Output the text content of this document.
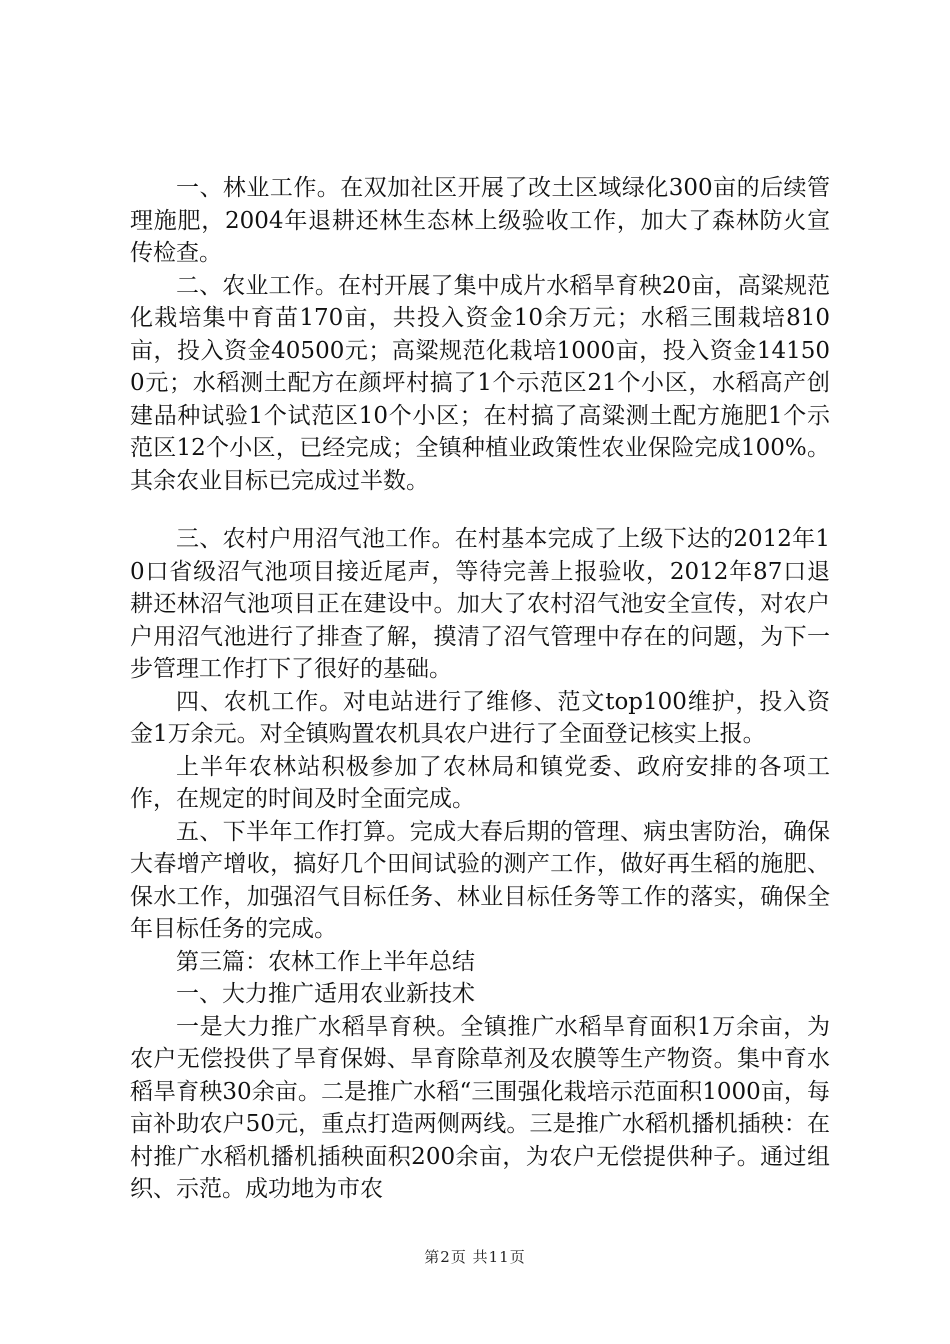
一、林业工作。在双加社区开展了改土区域绿化300亩的后续管理施肥，2004年退耕还林生态林上级验收工作，加大了森林防火宣传检查。

二、农业工作。在村开展了集中成片水稻旱育秧20亩，高粱规范化栽培集中育苗170亩，共投入资金10余万元；水稻三围栽培810亩，投入资金40500元；高粱规范化栽培1000亩，投入资金141500元；水稻测土配方在颜坪村搞了1个示范区21个小区，水稻高产创建品种试验1个试范区10个小区；在村搞了高粱测土配方施肥1个示范区12个小区，已经完成；全镇种植业政策性农业保险完成100%。其余农业目标已完成过半数。

三、农村户用沼气池工作。在村基本完成了上级下达的2012年10口省级沼气池项目接近尾声，等待完善上报验收，2012年87口退耕还林沼气池项目正在建设中。加大了农村沼气池安全宣传，对农户户用沼气池进行了排查了解，摸清了沼气管理中存在的问题，为下一步管理工作打下了很好的基础。

四、农机工作。对电站进行了维修、范文top100维护，投入资金1万余元。对全镇购置农机具农户进行了全面登记核实上报。

上半年农林站积极参加了农林局和镇党委、政府安排的各项工作，在规定的时间及时全面完成。

五、下半年工作打算。完成大春后期的管理、病虫害防治，确保大春增产增收，搞好几个田间试验的测产工作，做好再生稻的施肥、保水工作，加强沼气目标任务、林业目标任务等工作的落实，确保全年目标任务的完成。

第三篇：农林工作上半年总结

一、大力推广适用农业新技术

一是大力推广水稻旱育秧。全镇推广水稻旱育面积1万余亩，为农户无偿投供了旱育保姆、旱育除草剂及农膜等生产物资。集中育水稻旱育秧30余亩。二是推广水稻“三围强化栽培示范面积1000亩，每亩补助农户50元，重点打造两侧两线。三是推广水稻机播机插秧：在村推广水稻机播机插秧面积200余亩，为农户无偿提供种子。通过组织、示范。成功地为市农

第2页 共11页
